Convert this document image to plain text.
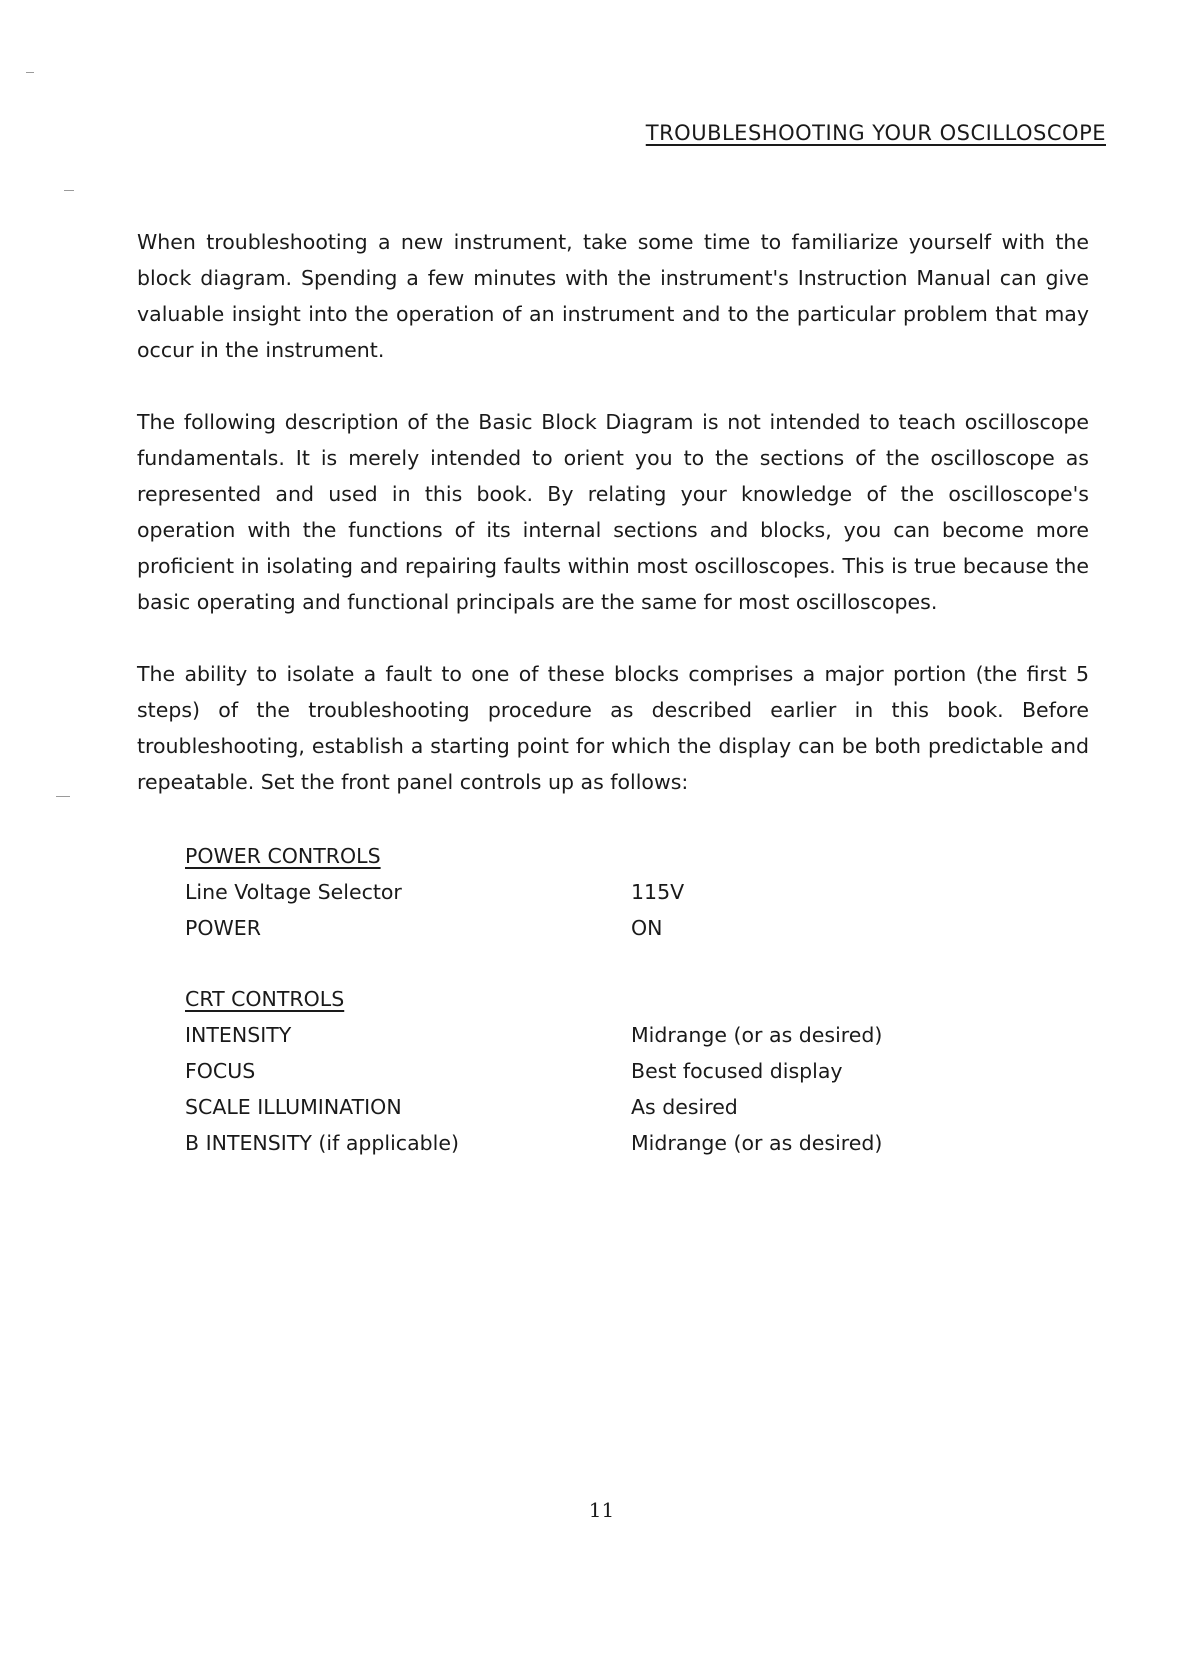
TROUBLESHOOTING YOUR OSCILLOSCOPE

When troubleshooting a new instrument, take some time to familiarize yourself with the block diagram. Spending a few minutes with the instrument's Instruction Manual can give valuable insight into the operation of an instrument and to the particular problem that may occur in the instrument.

The following description of the Basic Block Diagram is not intended to teach oscilloscope fundamentals. It is merely intended to orient you to the sections of the oscilloscope as represented and used in this book. By relating your knowledge of the oscilloscope's operation with the functions of its internal sections and blocks, you can become more proficient in isolating and repairing faults within most oscilloscopes. This is true because the basic operating and functional principals are the same for most oscilloscopes.

The ability to isolate a fault to one of these blocks comprises a major portion (the first 5 steps) of the troubleshooting procedure as described earlier in this book. Before troubleshooting, establish a starting point for which the display can be both predictable and repeatable. Set the front panel controls up as follows:

POWER CONTROLS
Line Voltage Selector	115V
POWER	ON
CRT CONTROLS
INTENSITY	Midrange (or as desired)
FOCUS	Best focused display
SCALE ILLUMINATION	As desired
B INTENSITY (if applicable)	Midrange (or as desired)
11
